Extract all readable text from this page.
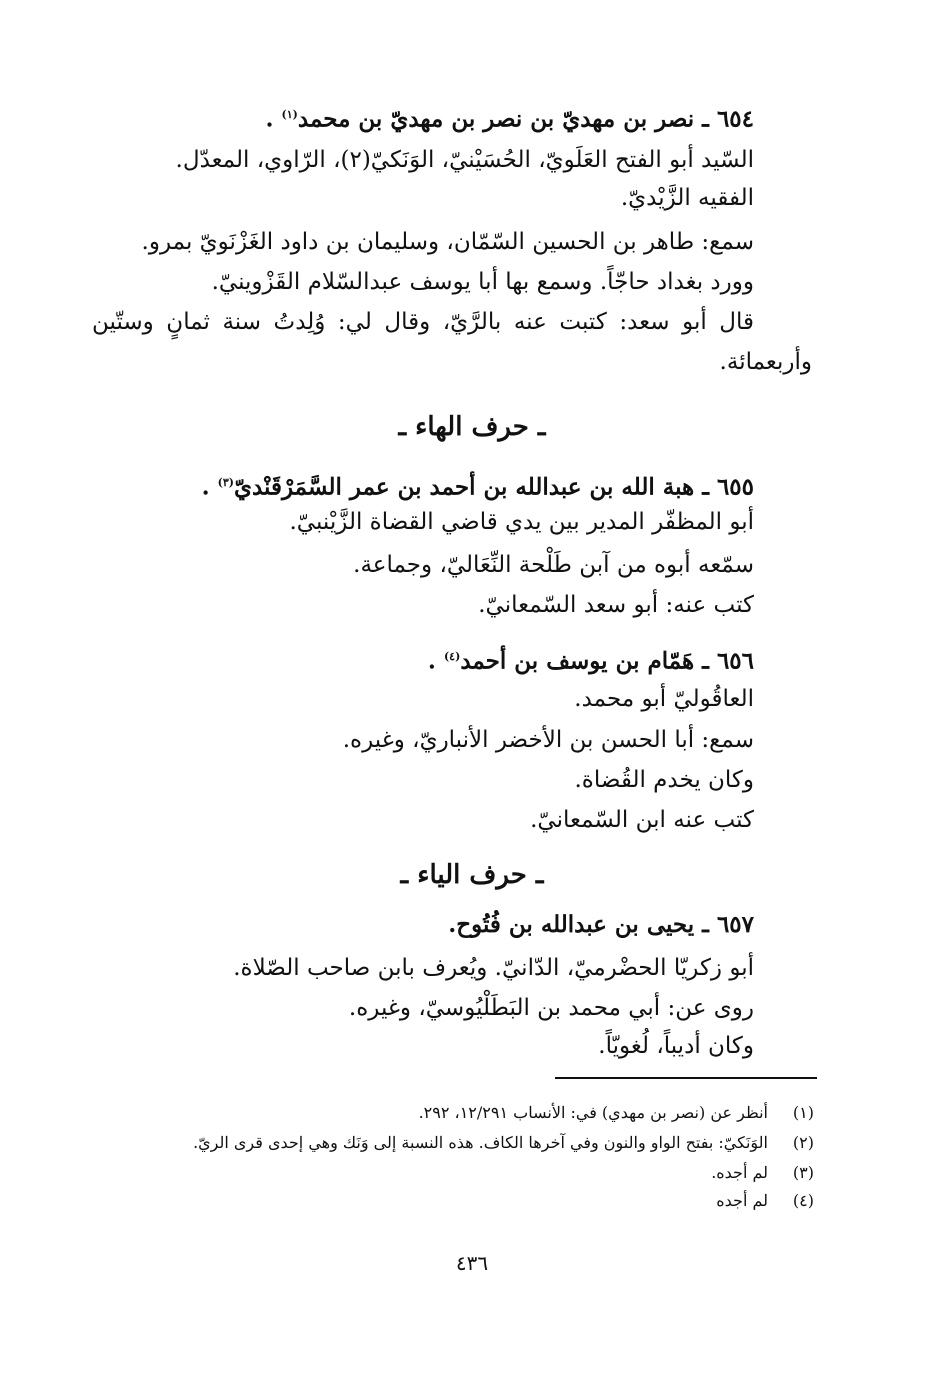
٦٥٤ ـ نصر بن مهديّ بن نصر بن مهديّ بن محمد$^{(١)}$ .
السّيد أبو الفتح العَلَويّ، الحُسَيْنيّ، الوَنَكيّ(٢)، الرّاوي، المعدّل.
الفقيه الزَّيْديّ.
سمع: طاهر بن الحسين السّمّان، وسليمان بن داود الغَزْنَويّ بمرو.
وورد بغداد حاجّاً. وسمع بها أبا يوسف عبدالسّلام القَزْوينيّ.
قال أبو سعد: كتبت عنه بالرَّيّ، وقال لي: وُلِدتُ سنة ثمانٍ وستّين
وأربعمائة.
ـ حرف الهاء ـ
٦٥٥ ـ هبة الله بن عبدالله بن أحمد بن عمر السَّمَرْقَنْديّ$^{(٣)}$ .
أبو المظفّر المدير بين يدي قاضي القضاة الزَّيْنبيّ.
سمّعه أبوه من آبن طَلْحة النِّعَاليّ، وجماعة.
كتب عنه: أبو سعد السّمعانيّ.
٦٥٦ ـ هَمّام بن يوسف بن أحمد$^{(٤)}$ .
العاقُوليّ أبو محمد.
سمع: أبا الحسن بن الأخضر الأنباريّ، وغيره.
وكان يخدم القُضاة.
كتب عنه ابن السّمعانيّ.
ـ حرف الياء ـ
٦٥٧ ـ يحيى بن عبدالله بن فُتُوح.
أبو زكريّا الحضْرميّ، الدّانيّ. ويُعرف بابن صاحب الصّلاة.
روى عن: أبي محمد بن البَطَلْيُوسيّ، وغيره.
وكان أديباً، لُغويّاً.
(١)أنظر عن (نصر بن مهدي) في: الأنساب ١٢/٢٩١، ٢٩٢.
(٢)الوَنَكيّ: بفتح الواو والنون وفي آخرها الكاف. هذه النسبة إلى وَنَك وهي إحدى قرى الريّ.
(٣)لم أجده.
(٤)لم أجده
٤٣٦
